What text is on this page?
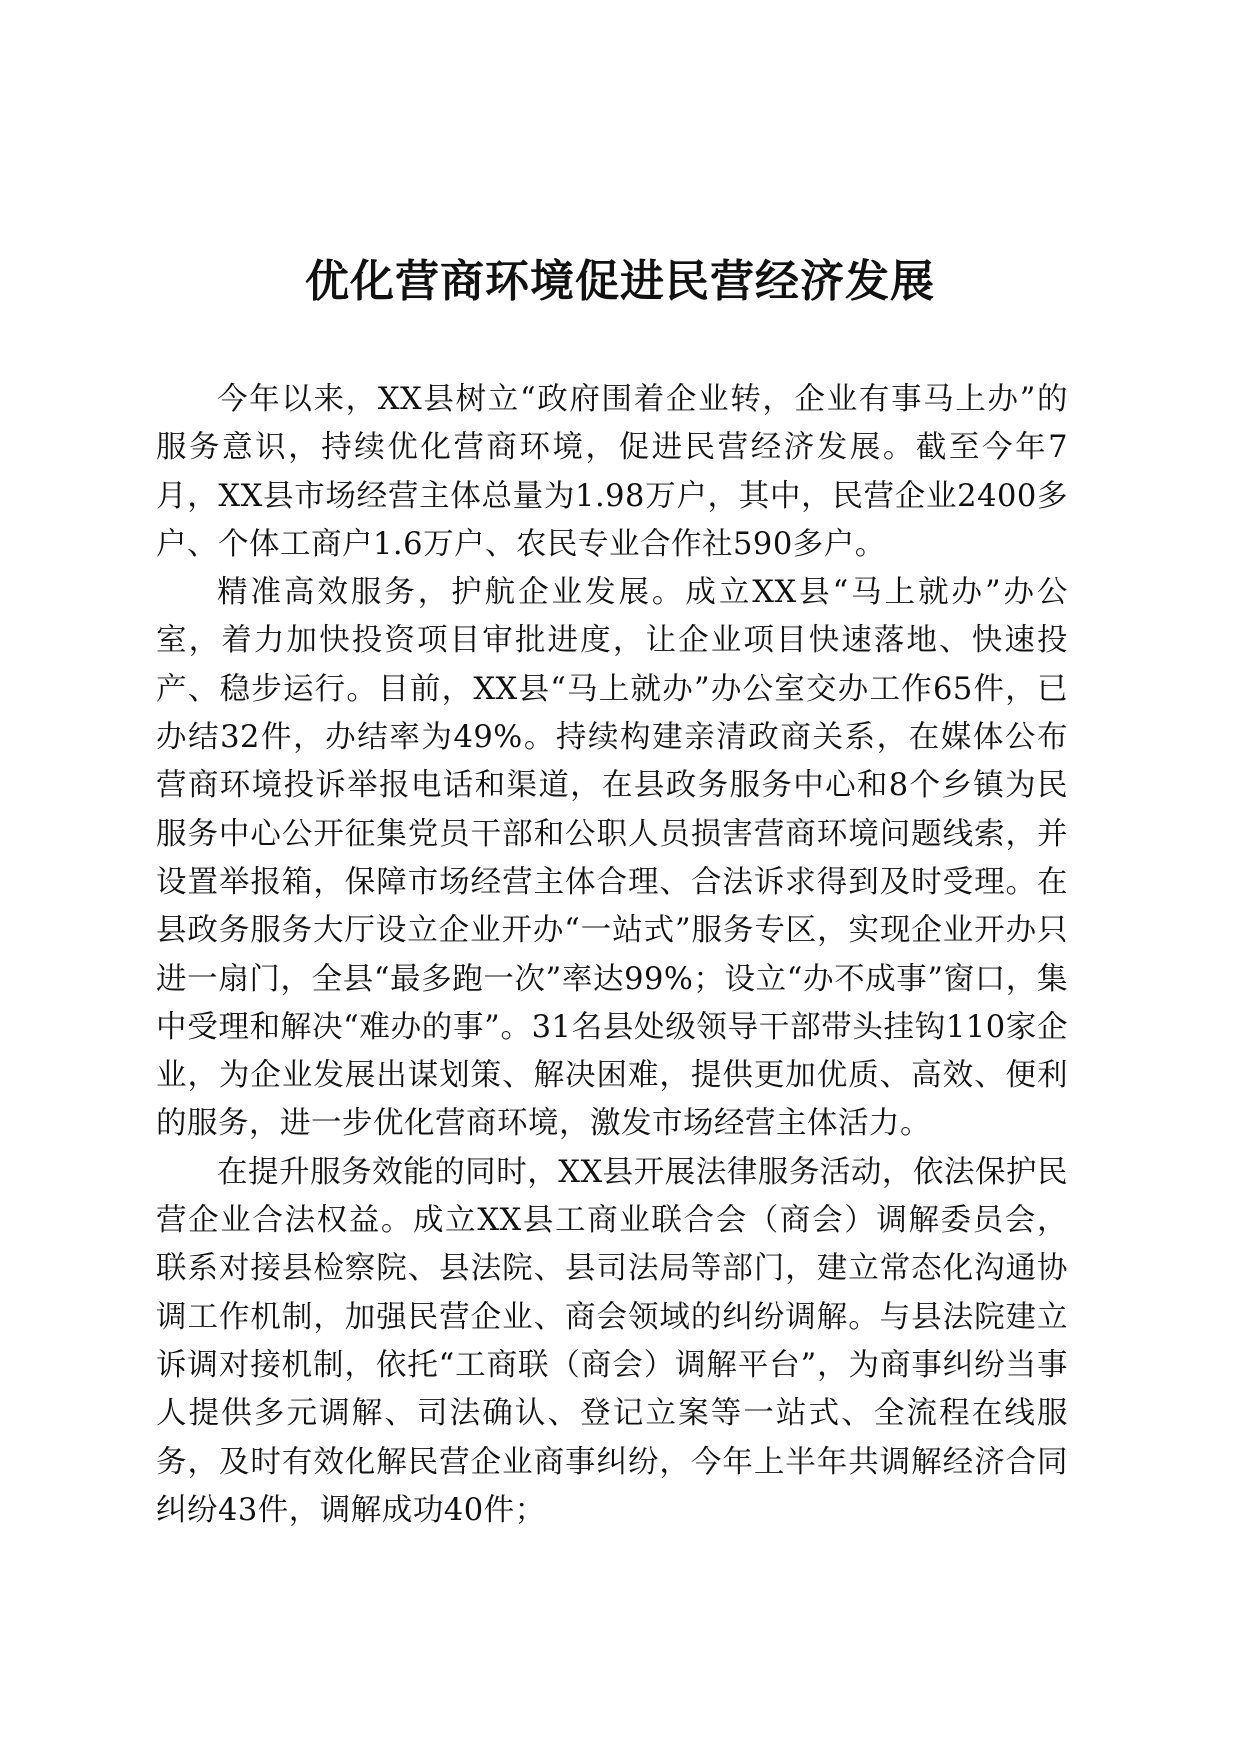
优化营商环境促进民营经济发展

今年以来，XX县树立“政府围着企业转，企业有事马上办”的服务意识，持续优化营商环境，促进民营经济发展。截至今年7月，XX县市场经营主体总量为1.98万户，其中，民营企业2400多户、个体工商户1.6万户、农民专业合作社590多户。

精准高效服务，护航企业发展。成立XX县“马上就办”办公室，着力加快投资项目审批进度，让企业项目快速落地、快速投产、稳步运行。目前，XX县“马上就办”办公室交办工作65件，已办结32件，办结率为49%。持续构建亲清政商关系，在媒体公布营商环境投诉举报电话和渠道，在县政务服务中心和8个乡镇为民服务中心公开征集党员干部和公职人员损害营商环境问题线索，并设置举报箱，保障市场经营主体合理、合法诉求得到及时受理。在县政务服务大厅设立企业开办“一站式”服务专区，实现企业开办只进一扇门，全县“最多跑一次”率达99%；设立“办不成事”窗口，集中受理和解决“难办的事”。31名县处级领导干部带头挂钩110家企业，为企业发展出谋划策、解决困难，提供更加优质、高效、便利的服务，进一步优化营商环境，激发市场经营主体活力。

在提升服务效能的同时，XX县开展法律服务活动，依法保护民营企业合法权益。成立XX县工商业联合会（商会）调解委员会，联系对接县检察院、县法院、县司法局等部门，建立常态化沟通协调工作机制，加强民营企业、商会领域的纠纷调解。与县法院建立诉调对接机制，依托“工商联（商会）调解平台”，为商事纠纷当事人提供多元调解、司法确认、登记立案等一站式、全流程在线服务，及时有效化解民营企业商事纠纷，今年上半年共调解经济合同纠纷43件，调解成功40件；
